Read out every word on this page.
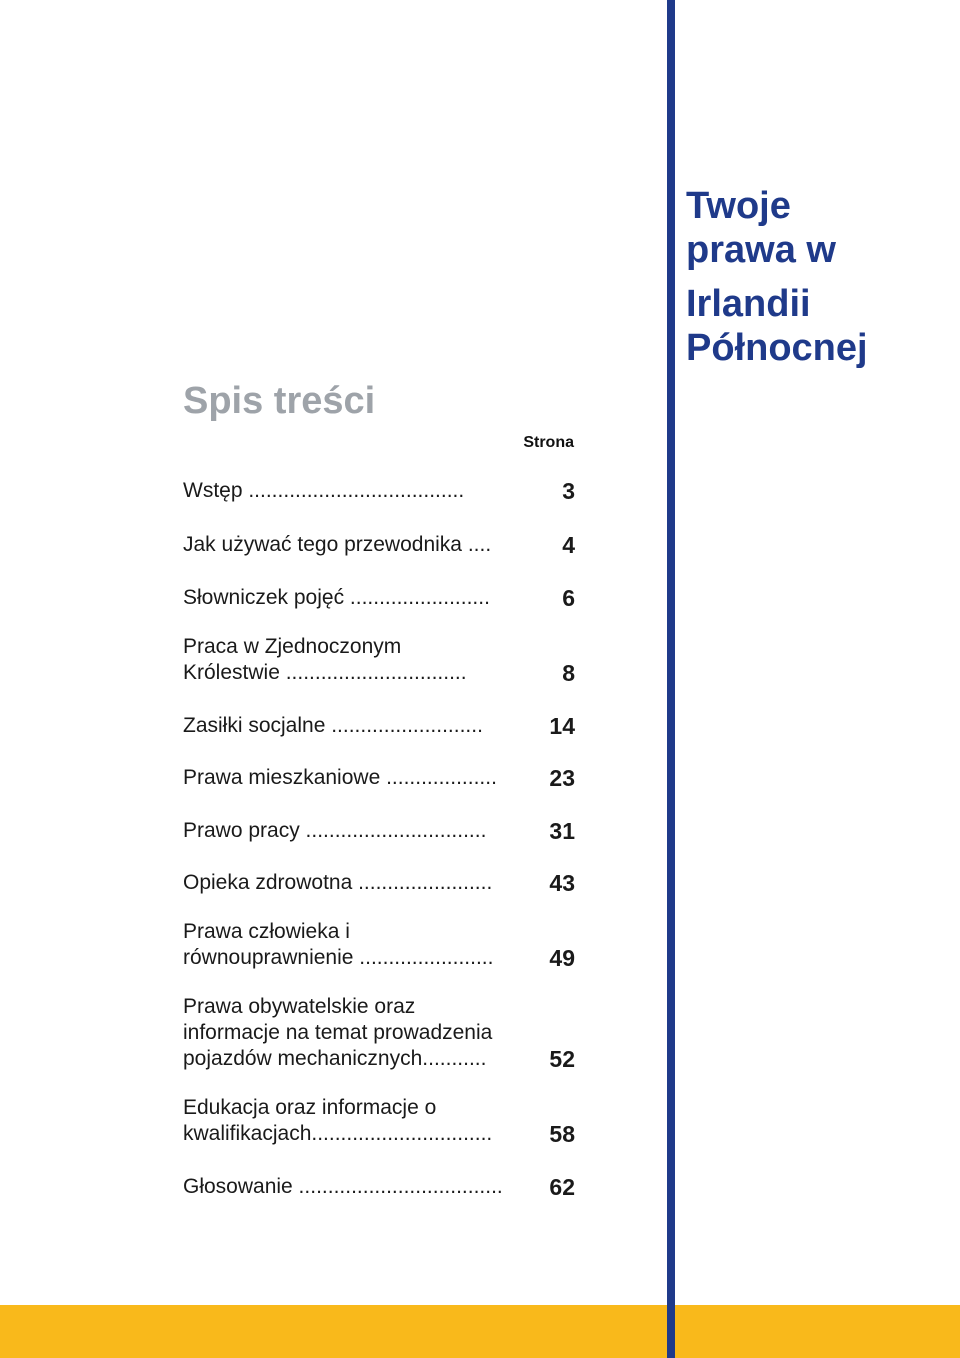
Twoje
prawa w
Irlandii
Północnej
Spis treści
Strona
Wstęp .....................................	3
Jak używać tego przewodnika ....	4
Słowniczek pojęć ........................	6
Praca w Zjednoczonym
Królestwie ...............................	8
Zasiłki socjalne ..........................	14
Prawa mieszkaniowe ...................	23
Prawo pracy ...............................	31
Opieka zdrowotna .......................	43
Prawa człowieka i
równouprawnienie .......................	49
Prawa obywatelskie oraz
informacje na temat prowadzenia
pojazdów mechanicznych...........	52
Edukacja oraz informacje o
kwalifikacjach...............................	58
Głosowanie ...................................	62
